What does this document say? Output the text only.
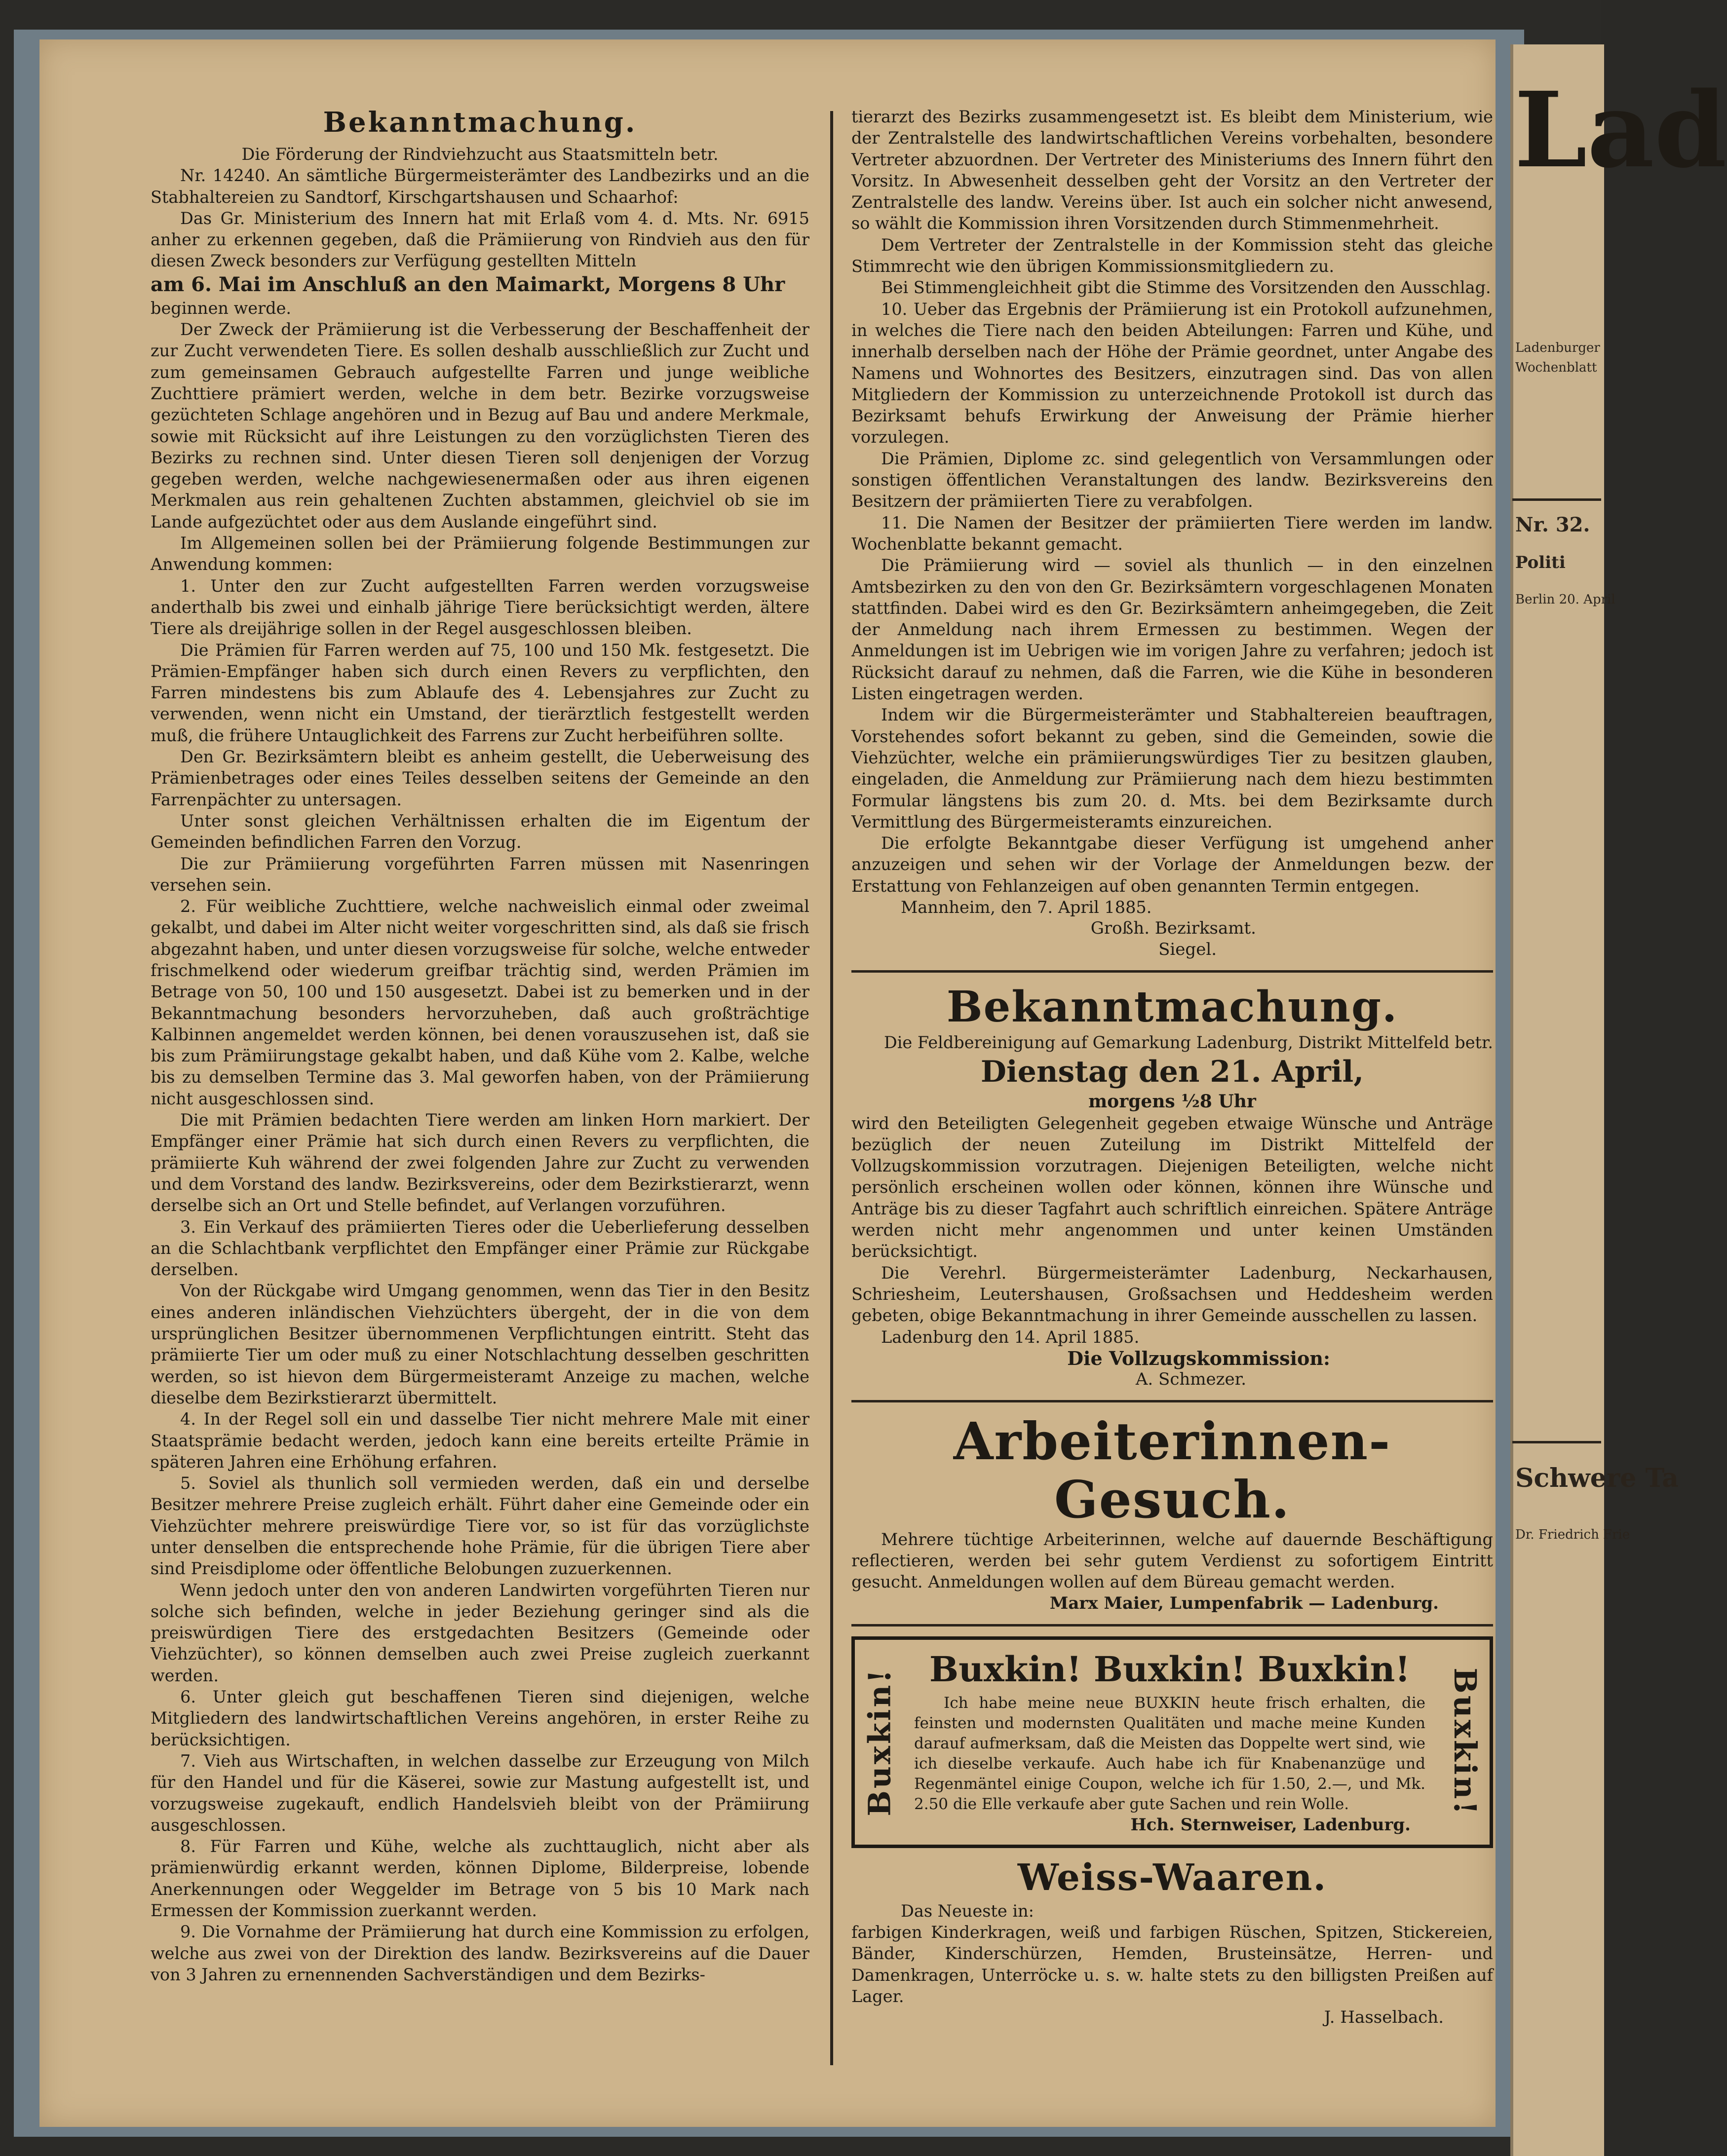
Lad
Ladenburger
Wochenblatt
Nr. 32.
Politi
Berlin 20. April
Schwere Ta
Dr. Friedrich Frie

Bekanntmachung.

Die Förderung der Rindviehzucht aus Staatsmitteln betr.

Nr. 14240. An sämtliche Bürgermeisterämter des Landbezirks und an die Stabhaltereien zu Sandtorf, Kirschgartshausen und Schaarhof:

Das Gr. Ministerium des Innern hat mit Erlaß vom 4. d. Mts. Nr. 6915 anher zu erkennen gegeben, daß die Prämiierung von Rindvieh aus den für diesen Zweck besonders zur Verfügung gestellten Mitteln

am 6. Mai im Anschluß an den Maimarkt, Morgens 8 Uhr

beginnen werde.

Der Zweck der Prämiierung ist die Verbesserung der Beschaffenheit der zur Zucht verwendeten Tiere. Es sollen deshalb ausschließlich zur Zucht und zum gemeinsamen Gebrauch aufgestellte Farren und junge weibliche Zuchttiere prämiert werden, welche in dem betr. Bezirke vorzugsweise gezüchteten Schlage angehören und in Bezug auf Bau und andere Merkmale, sowie mit Rücksicht auf ihre Leistungen zu den vorzüglichsten Tieren des Bezirks zu rechnen sind. Unter diesen Tieren soll denjenigen der Vorzug gegeben werden, welche nachgewiesenermaßen oder aus ihren eigenen Merkmalen aus rein gehaltenen Zuchten abstammen, gleichviel ob sie im Lande aufgezüchtet oder aus dem Auslande eingeführt sind.

Im Allgemeinen sollen bei der Prämiierung folgende Bestimmungen zur Anwendung kommen:

1. Unter den zur Zucht aufgestellten Farren werden vorzugsweise anderthalb bis zwei und einhalb jährige Tiere berücksichtigt werden, ältere Tiere als dreijährige sollen in der Regel ausgeschlossen bleiben.

Die Prämien für Farren werden auf 75, 100 und 150 Mk. festgesetzt. Die Prämien-Empfänger haben sich durch einen Revers zu verpflichten, den Farren mindestens bis zum Ablaufe des 4. Lebensjahres zur Zucht zu verwenden, wenn nicht ein Umstand, der tierärztlich festgestellt werden muß, die frühere Untauglichkeit des Farrens zur Zucht herbeiführen sollte.

Den Gr. Bezirksämtern bleibt es anheim gestellt, die Ueberweisung des Prämienbetrages oder eines Teiles desselben seitens der Gemeinde an den Farrenpächter zu untersagen.

Unter sonst gleichen Verhältnissen erhalten die im Eigentum der Gemeinden befindlichen Farren den Vorzug.

Die zur Prämiierung vorgeführten Farren müssen mit Nasenringen versehen sein.

2. Für weibliche Zuchttiere, welche nachweislich einmal oder zweimal gekalbt, und dabei im Alter nicht weiter vorgeschritten sind, als daß sie frisch abgezahnt haben, und unter diesen vorzugsweise für solche, welche entweder frischmelkend oder wiederum greifbar trächtig sind, werden Prämien im Betrage von 50, 100 und 150 ausgesetzt. Dabei ist zu bemerken und in der Bekanntmachung besonders hervorzuheben, daß auch großträchtige Kalbinnen angemeldet werden können, bei denen vorauszusehen ist, daß sie bis zum Prämiirungstage gekalbt haben, und daß Kühe vom 2. Kalbe, welche bis zu demselben Termine das 3. Mal geworfen haben, von der Prämiierung nicht ausgeschlossen sind.

Die mit Prämien bedachten Tiere werden am linken Horn markiert. Der Empfänger einer Prämie hat sich durch einen Revers zu verpflichten, die prämiierte Kuh während der zwei folgenden Jahre zur Zucht zu verwenden und dem Vorstand des landw. Bezirksvereins, oder dem Bezirkstierarzt, wenn derselbe sich an Ort und Stelle befindet, auf Verlangen vorzuführen.

3. Ein Verkauf des prämiierten Tieres oder die Ueberlieferung desselben an die Schlachtbank verpflichtet den Empfänger einer Prämie zur Rückgabe derselben.

Von der Rückgabe wird Umgang genommen, wenn das Tier in den Besitz eines anderen inländischen Viehzüchters übergeht, der in die von dem ursprünglichen Besitzer übernommenen Verpflichtungen eintritt. Steht das prämiierte Tier um oder muß zu einer Notschlachtung desselben geschritten werden, so ist hievon dem Bürgermeisteramt Anzeige zu machen, welche dieselbe dem Bezirkstierarzt übermittelt.

4. In der Regel soll ein und dasselbe Tier nicht mehrere Male mit einer Staatsprämie bedacht werden, jedoch kann eine bereits erteilte Prämie in späteren Jahren eine Erhöhung erfahren.

5. Soviel als thunlich soll vermieden werden, daß ein und derselbe Besitzer mehrere Preise zugleich erhält. Führt daher eine Gemeinde oder ein Viehzüchter mehrere preiswürdige Tiere vor, so ist für das vorzüglichste unter denselben die entsprechende hohe Prämie, für die übrigen Tiere aber sind Preisdiplome oder öffentliche Belobungen zuzuerkennen.

Wenn jedoch unter den von anderen Landwirten vorgeführten Tieren nur solche sich befinden, welche in jeder Beziehung geringer sind als die preiswürdigen Tiere des erstgedachten Besitzers (Gemeinde oder Viehzüchter), so können demselben auch zwei Preise zugleich zuerkannt werden.

6. Unter gleich gut beschaffenen Tieren sind diejenigen, welche Mitgliedern des landwirtschaftlichen Vereins angehören, in erster Reihe zu berücksichtigen.

7. Vieh aus Wirtschaften, in welchen dasselbe zur Erzeugung von Milch für den Handel und für die Käserei, sowie zur Mastung aufgestellt ist, und vorzugsweise zugekauft, endlich Handelsvieh bleibt von der Prämiirung ausgeschlossen.

8. Für Farren und Kühe, welche als zuchttauglich, nicht aber als prämienwürdig erkannt werden, können Diplome, Bilderpreise, lobende Anerkennungen oder Weggelder im Betrage von 5 bis 10 Mark nach Ermessen der Kommission zuerkannt werden.

9. Die Vornahme der Prämiierung hat durch eine Kommission zu erfolgen, welche aus zwei von der Direktion des landw. Bezirksvereins auf die Dauer von 3 Jahren zu ernennenden Sachverständigen und dem Bezirks-

tierarzt des Bezirks zusammengesetzt ist. Es bleibt dem Ministerium, wie der Zentralstelle des landwirtschaftlichen Vereins vorbehalten, besondere Vertreter abzuordnen. Der Vertreter des Ministeriums des Innern führt den Vorsitz. In Abwesenheit desselben geht der Vorsitz an den Vertreter der Zentralstelle des landw. Vereins über. Ist auch ein solcher nicht anwesend, so wählt die Kommission ihren Vorsitzenden durch Stimmenmehrheit.

Dem Vertreter der Zentralstelle in der Kommission steht das gleiche Stimmrecht wie den übrigen Kommissionsmitgliedern zu.

Bei Stimmengleichheit gibt die Stimme des Vorsitzenden den Ausschlag.

10. Ueber das Ergebnis der Prämiierung ist ein Protokoll aufzunehmen, in welches die Tiere nach den beiden Abteilungen: Farren und Kühe, und innerhalb derselben nach der Höhe der Prämie geordnet, unter Angabe des Namens und Wohnortes des Besitzers, einzutragen sind. Das von allen Mitgliedern der Kommission zu unterzeichnende Protokoll ist durch das Bezirksamt behufs Erwirkung der Anweisung der Prämie hierher vorzulegen.

Die Prämien, Diplome zc. sind gelegentlich von Versammlungen oder sonstigen öffentlichen Veranstaltungen des landw. Bezirksvereins den Besitzern der prämiierten Tiere zu verabfolgen.

11. Die Namen der Besitzer der prämiierten Tiere werden im landw. Wochenblatte bekannt gemacht.

Die Prämiierung wird — soviel als thunlich — in den einzelnen Amtsbezirken zu den von den Gr. Bezirksämtern vorgeschlagenen Monaten stattfinden. Dabei wird es den Gr. Bezirksämtern anheimgegeben, die Zeit der Anmeldung nach ihrem Ermessen zu bestimmen. Wegen der Anmeldungen ist im Uebrigen wie im vorigen Jahre zu verfahren; jedoch ist Rücksicht darauf zu nehmen, daß die Farren, wie die Kühe in besonderen Listen eingetragen werden.

Indem wir die Bürgermeisterämter und Stabhaltereien beauftragen, Vorstehendes sofort bekannt zu geben, sind die Gemeinden, sowie die Viehzüchter, welche ein prämiierungswürdiges Tier zu besitzen glauben, eingeladen, die Anmeldung zur Prämiierung nach dem hiezu bestimmten Formular längstens bis zum 20. d. Mts. bei dem Bezirksamte durch Vermittlung des Bürgermeisteramts einzureichen.

Die erfolgte Bekanntgabe dieser Verfügung ist umgehend anher anzuzeigen und sehen wir der Vorlage der Anmeldungen bezw. der Erstattung von Fehlanzeigen auf oben genannten Termin entgegen.

Mannheim, den 7. April 1885.

Großh. Bezirksamt.

Siegel.

Bekanntmachung.

Die Feldbereinigung auf Gemarkung Ladenburg, Distrikt Mittelfeld betr.

Dienstag den 21. April,

morgens ½8 Uhr

wird den Beteiligten Gelegenheit gegeben etwaige Wünsche und Anträge bezüglich der neuen Zuteilung im Distrikt Mittelfeld der Vollzugskommission vorzutragen. Diejenigen Beteiligten, welche nicht persönlich erscheinen wollen oder können, können ihre Wünsche und Anträge bis zu dieser Tagfahrt auch schriftlich einreichen. Spätere Anträge werden nicht mehr angenommen und unter keinen Umständen berücksichtigt.

Die Verehrl. Bürgermeisterämter Ladenburg, Neckarhausen, Schriesheim, Leutershausen, Großsachsen und Heddesheim werden gebeten, obige Bekanntmachung in ihrer Gemeinde ausschellen zu lassen.

Ladenburg den 14. April 1885.

Die Vollzugskommission:

A. Schmezer.

Arbeiterinnen-Gesuch.

Mehrere tüchtige Arbeiterinnen, welche auf dauernde Beschäftigung reflectieren, werden bei sehr gutem Verdienst zu sofortigem Eintritt gesucht. Anmeldungen wollen auf dem Büreau gemacht werden.

Marx Maier, Lumpenfabrik — Ladenburg.

Buxkin!	Buxkin!

Buxkin! Buxkin! Buxkin!

Ich habe meine neue BUXKIN heute frisch erhalten, die feinsten und modernsten Qualitäten und mache meine Kunden darauf aufmerksam, daß die Meisten das Doppelte wert sind, wie ich dieselbe verkaufe. Auch habe ich für Knabenanzüge und Regenmäntel einige Coupon, welche ich für 1.50, 2.—, und Mk. 2.50 die Elle verkaufe aber gute Sachen und rein Wolle.

Hch. Sternweiser, Ladenburg.

Weiss-Waaren.

Das Neueste in:

farbigen Kinderkragen, weiß und farbigen Rüschen, Spitzen, Stickereien, Bänder, Kinderschürzen, Hemden, Brusteinsätze, Herren- und Damenkragen, Unterröcke u. s. w. halte stets zu den billigsten Preißen auf Lager.

J. Hasselbach.
